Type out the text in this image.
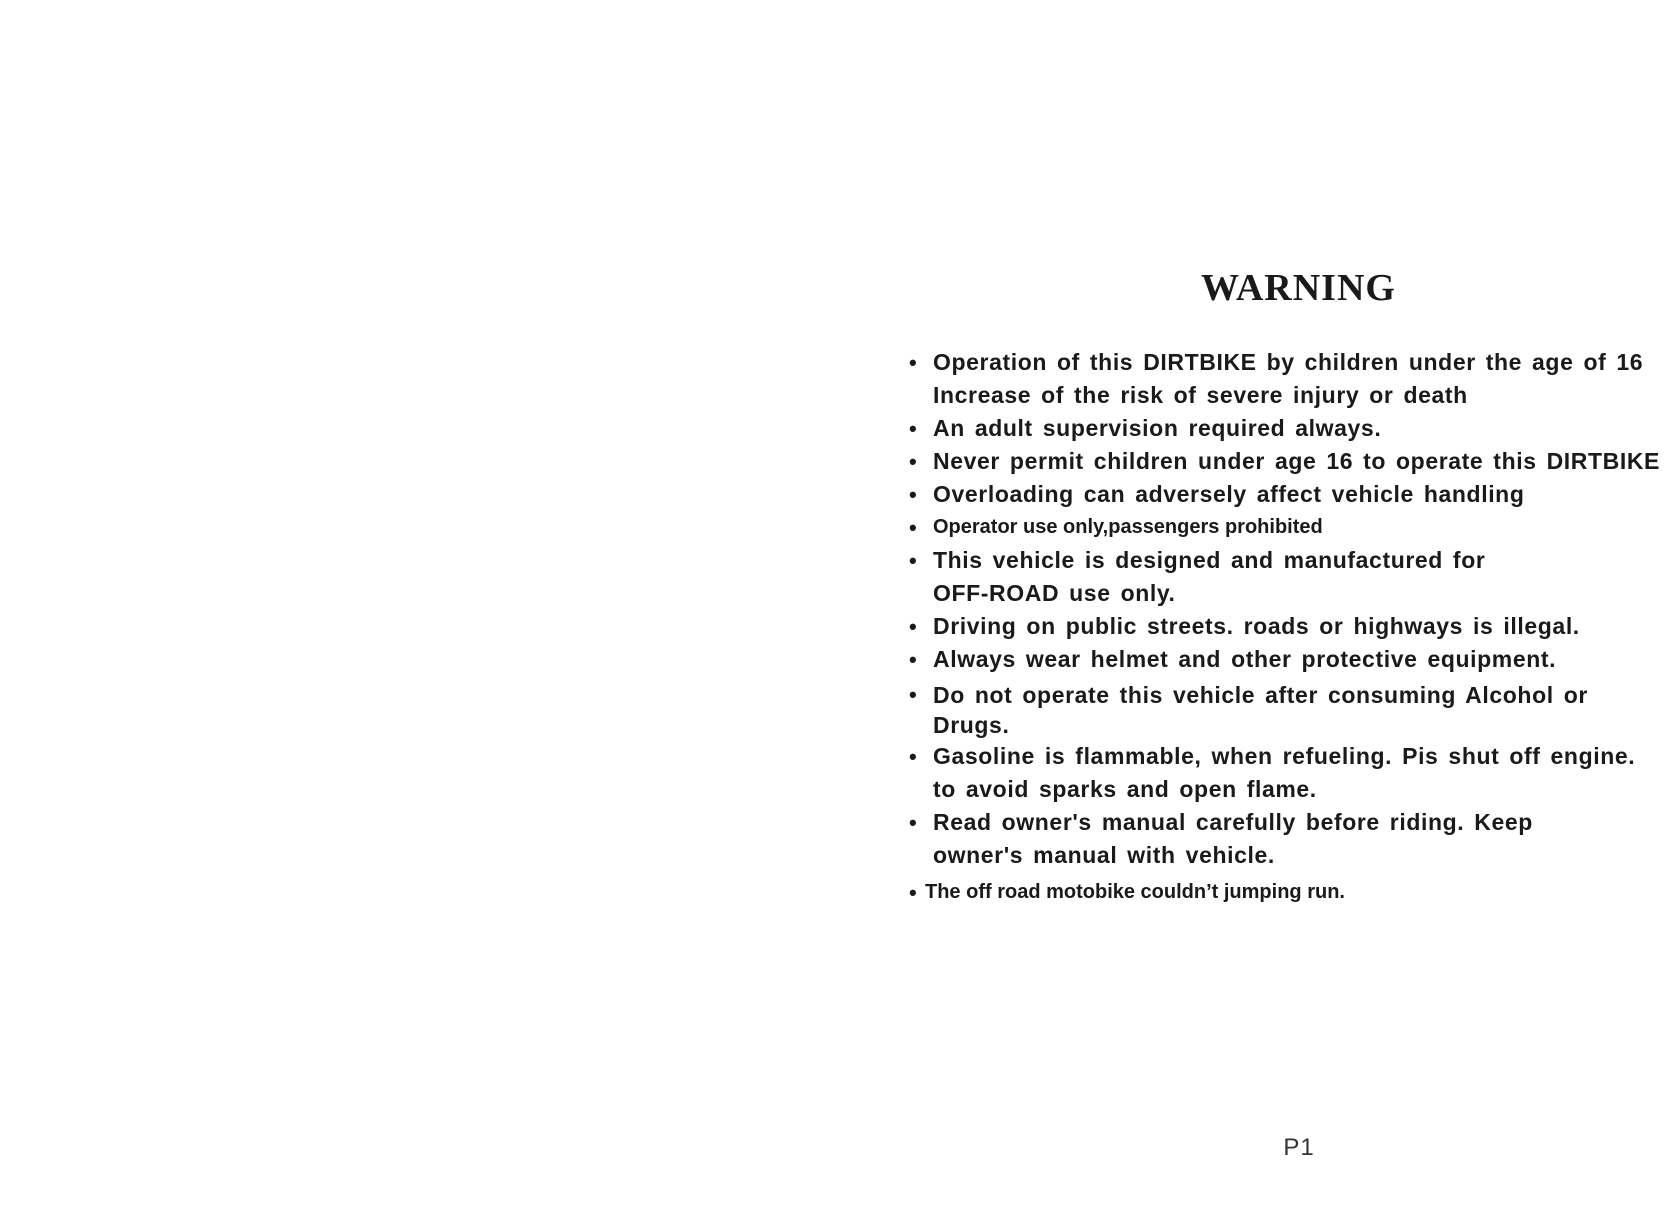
WARNING
• Operation of this DIRTBIKE by children under the age of 16
Increase of the risk of severe injury or death
• An adult supervision required always.
• Never permit children under age 16 to operate this DIRTBIKE
• Overloading can adversely affect vehicle handling
• Operator use only,passengers prohibited
• This vehicle is designed and manufactured for
OFF-ROAD use only.
• Driving on public streets. roads or highways is illegal.
• Always wear helmet and other protective equipment.
• Do not operate this vehicle after consuming Alcohol or
Drugs.
• Gasoline is flammable, when refueling. Pis shut off engine.
to avoid sparks and open flame.
• Read owner's manual carefully before riding. Keep
owner's manual with vehicle.
• The off road motobike couldn’t jumping run.
P1
